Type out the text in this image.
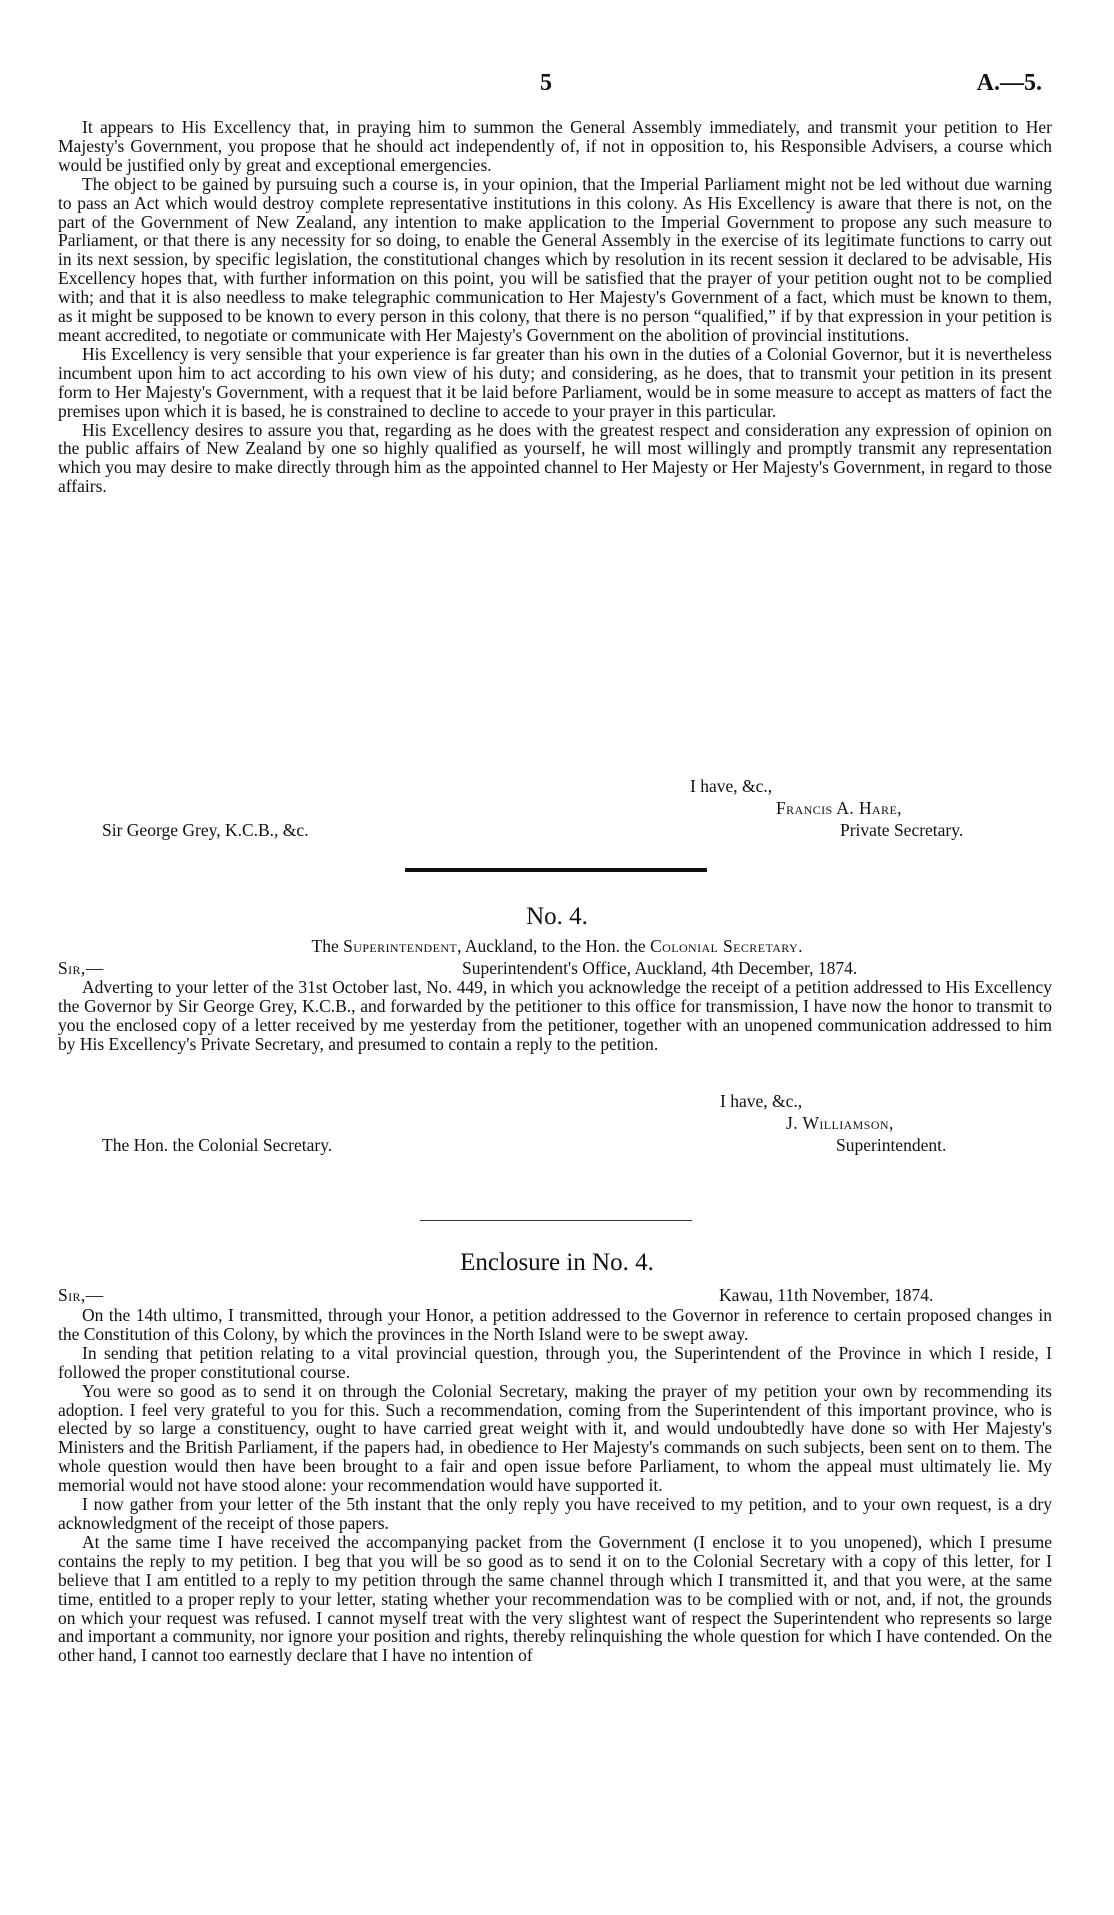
5	A.—5.

It appears to His Excellency that, in praying him to summon the General Assembly immediately, and transmit your petition to Her Majesty's Government, you propose that he should act independently of, if not in opposition to, his Responsible Advisers, a course which would be justified only by great and exceptional emergencies.

The object to be gained by pursuing such a course is, in your opinion, that the Imperial Parliament might not be led without due warning to pass an Act which would destroy complete representative institutions in this colony. As His Excellency is aware that there is not, on the part of the Government of New Zealand, any intention to make application to the Imperial Government to propose any such measure to Parliament, or that there is any necessity for so doing, to enable the General Assembly in the exercise of its legitimate functions to carry out in its next session, by specific legislation, the constitutional changes which by resolution in its recent session it declared to be advisable, His Excellency hopes that, with further information on this point, you will be satisfied that the prayer of your petition ought not to be complied with; and that it is also needless to make telegraphic communication to Her Majesty's Government of a fact, which must be known to them, as it might be supposed to be known to every person in this colony, that there is no person “qualified,” if by that expression in your petition is meant accredited, to negotiate or communicate with Her Majesty's Government on the abolition of provincial institutions.

His Excellency is very sensible that your experience is far greater than his own in the duties of a Colonial Governor, but it is nevertheless incumbent upon him to act according to his own view of his duty; and considering, as he does, that to transmit your petition in its present form to Her Majesty's Government, with a request that it be laid before Parliament, would be in some measure to accept as matters of fact the premises upon which it is based, he is constrained to decline to accede to your prayer in this particular.

His Excellency desires to assure you that, regarding as he does with the greatest respect and consideration any expression of opinion on the public affairs of New Zealand by one so highly qualified as yourself, he will most willingly and promptly transmit any representation which you may desire to make directly through him as the appointed channel to Her Majesty or Her Majesty's Government, in regard to those affairs.

I have, &c.,
Francis A. Hare,
Sir George Grey, K.C.B., &c.	Private Secretary.
No. 4.
The Superintendent, Auckland, to the Hon. the Colonial Secretary.
Sir,—	Superintendent's Office, Auckland, 4th December, 1874.

Adverting to your letter of the 31st October last, No. 449, in which you acknowledge the receipt of a petition addressed to His Excellency the Governor by Sir George Grey, K.C.B., and forwarded by the petitioner to this office for transmission, I have now the honor to transmit to you the enclosed copy of a letter received by me yesterday from the petitioner, together with an unopened communication addressed to him by His Excellency's Private Secretary, and presumed to contain a reply to the petition.

I have, &c.,
J. Williamson,
The Hon. the Colonial Secretary.	Superintendent.
Enclosure in No. 4.
Sir,—	Kawau, 11th November, 1874.

On the 14th ultimo, I transmitted, through your Honor, a petition addressed to the Governor in reference to certain proposed changes in the Constitution of this Colony, by which the provinces in the North Island were to be swept away.

In sending that petition relating to a vital provincial question, through you, the Superintendent of the Province in which I reside, I followed the proper constitutional course.

You were so good as to send it on through the Colonial Secretary, making the prayer of my petition your own by recommending its adoption. I feel very grateful to you for this. Such a recommendation, coming from the Superintendent of this important province, who is elected by so large a constituency, ought to have carried great weight with it, and would undoubtedly have done so with Her Majesty's Ministers and the British Parliament, if the papers had, in obedience to Her Majesty's commands on such subjects, been sent on to them. The whole question would then have been brought to a fair and open issue before Parliament, to whom the appeal must ultimately lie. My memorial would not have stood alone: your recommendation would have supported it.

I now gather from your letter of the 5th instant that the only reply you have received to my petition, and to your own request, is a dry acknowledgment of the receipt of those papers.

At the same time I have received the accompanying packet from the Government (I enclose it to you unopened), which I presume contains the reply to my petition. I beg that you will be so good as to send it on to the Colonial Secretary with a copy of this letter, for I believe that I am entitled to a reply to my petition through the same channel through which I transmitted it, and that you were, at the same time, entitled to a proper reply to your letter, stating whether your recommendation was to be complied with or not, and, if not, the grounds on which your request was refused. I cannot myself treat with the very slightest want of respect the Superintendent who represents so large and important a community, nor ignore your position and rights, thereby relinquishing the whole question for which I have contended. On the other hand, I cannot too earnestly declare that I have no intention of
